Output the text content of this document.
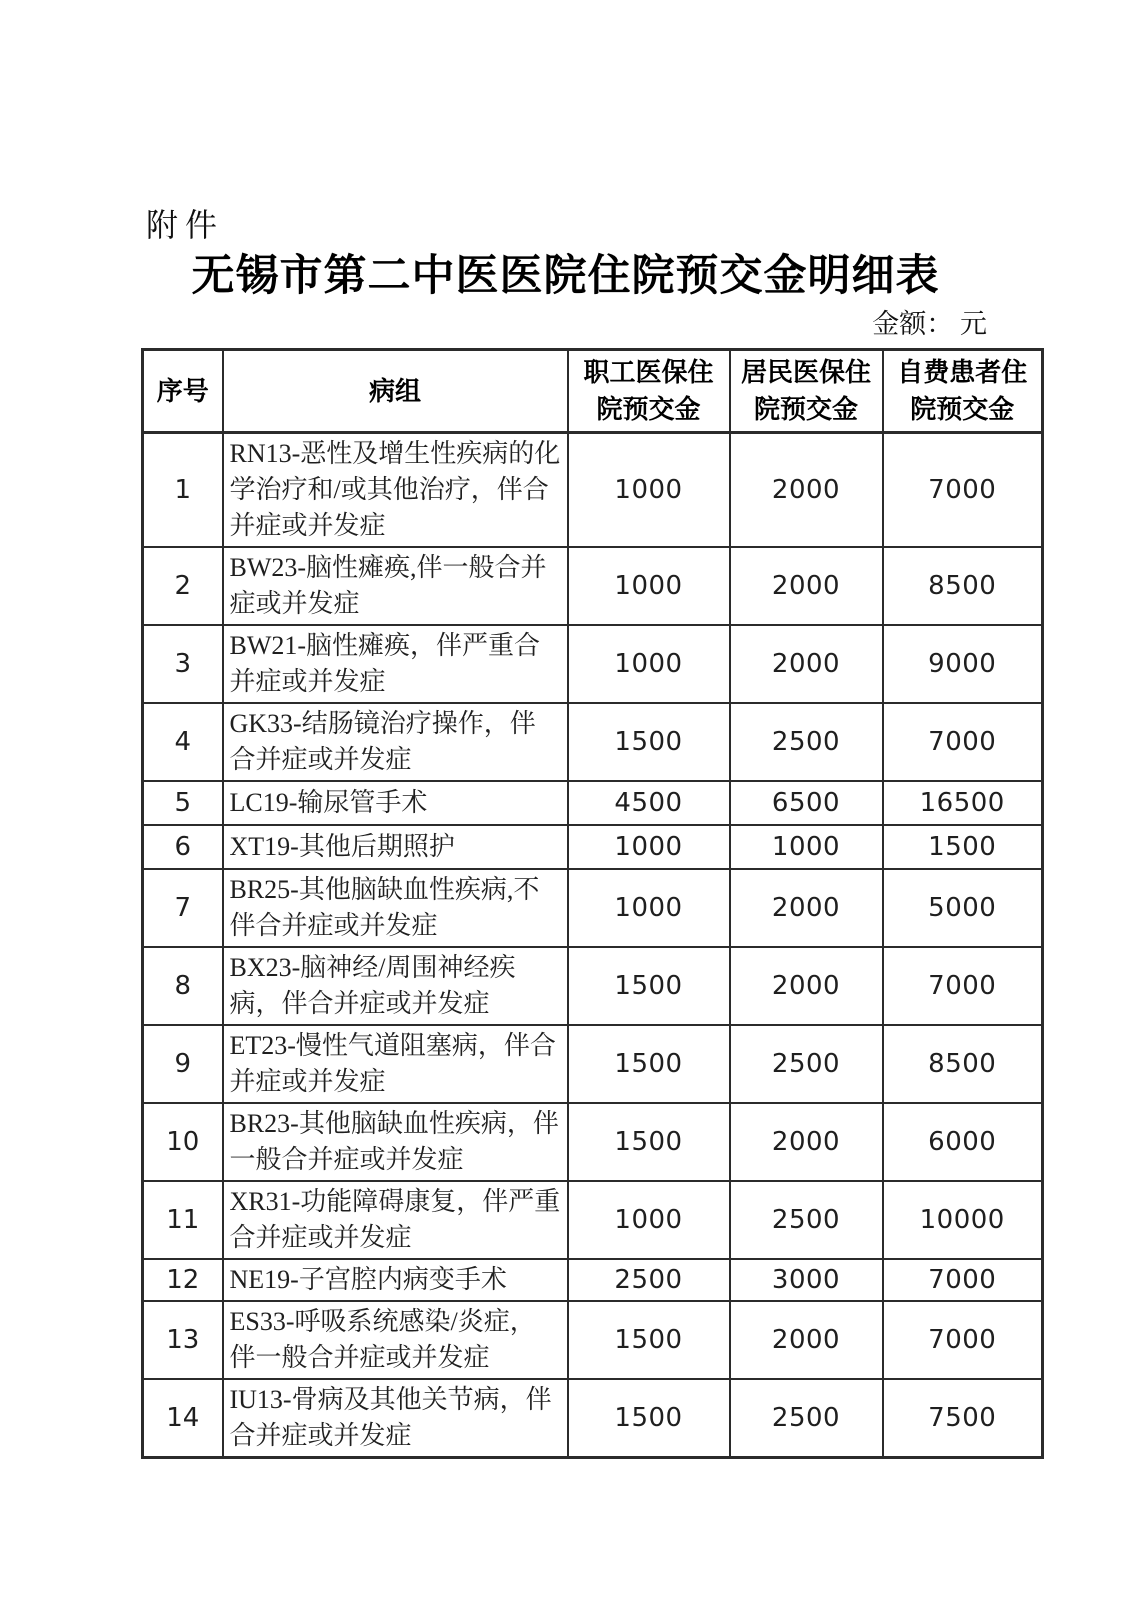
附件
无锡市第二中医医院住院预交金明细表
金额： 元
序号	病组	职工医保住院预交金	居民医保住院预交金	自费患者住院预交金
1	RN13-恶性及增生性疾病的化学治疗和/或其他治疗，伴合并症或并发症	1000	2000	7000
2	BW23-脑性瘫痪,伴一般合并症或并发症	1000	2000	8500
3	BW21-脑性瘫痪，伴严重合并症或并发症	1000	2000	9000
4	GK33-结肠镜治疗操作，伴合并症或并发症	1500	2500	7000
5	LC19-输尿管手术	4500	6500	16500
6	XT19-其他后期照护	1000	1000	1500
7	BR25-其他脑缺血性疾病,不伴合并症或并发症	1000	2000	5000
8	BX23-脑神经/周围神经疾病，伴合并症或并发症	1500	2000	7000
9	ET23-慢性气道阻塞病，伴合并症或并发症	1500	2500	8500
10	BR23-其他脑缺血性疾病，伴一般合并症或并发症	1500	2000	6000
11	XR31-功能障碍康复，伴严重合并症或并发症	1000	2500	10000
12	NE19-子宫腔内病变手术	2500	3000	7000
13	ES33-呼吸系统感染/炎症，伴一般合并症或并发症	1500	2000	7000
14	IU13-骨病及其他关节病，伴合并症或并发症	1500	2500	7500
